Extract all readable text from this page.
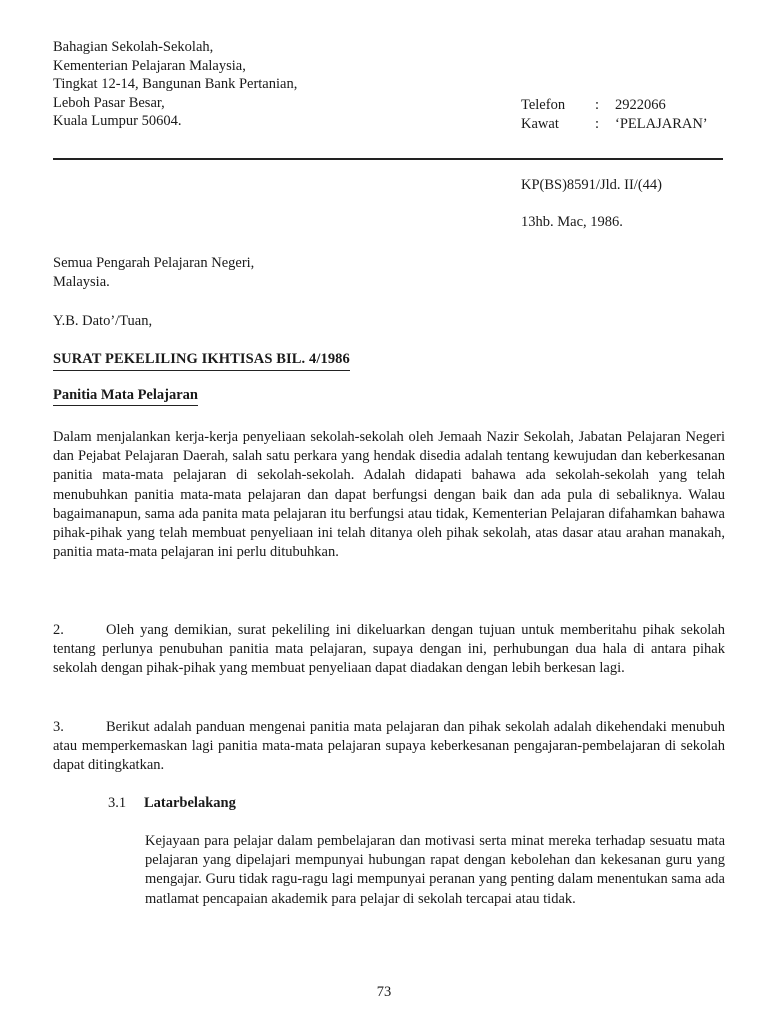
Bahagian Sekolah-Sekolah,
Kementerian Pelajaran Malaysia,
Tingkat 12-14, Bangunan Bank Pertanian,
Leboh Pasar Besar,
Kuala Lumpur 50604.
Telefon	:	2922066
Kawat	:	‘PELAJARAN’
KP(BS)8591/Jld. II/(44)
13hb. Mac, 1986.
Semua Pengarah Pelajaran Negeri,
Malaysia.
Y.B. Dato’/Tuan,
SURAT PEKELILING IKHTISAS BIL. 4/1986
Panitia Mata Pelajaran
Dalam menjalankan kerja-kerja penyeliaan sekolah-sekolah oleh Jemaah Nazir Sekolah, Jabatan Pelajaran Negeri dan Pejabat Pelajaran Daerah, salah satu perkara yang hendak disedia adalah tentang kewujudan dan keberkesanan panitia mata-mata pelajaran di sekolah-sekolah. Adalah didapati bahawa ada sekolah-sekolah yang telah menubuhkan panitia mata-mata pelajaran dan dapat berfungsi dengan baik dan ada pula di sebaliknya. Walau bagaimanapun, sama ada panita mata pelajaran itu berfungsi atau tidak, Kementerian Pelajaran difahamkan bahawa pihak-pihak yang telah membuat penyeliaan ini telah ditanya oleh pihak sekolah, atas dasar atau arahan manakah, panitia mata-mata pelajaran ini perlu ditubuhkan.
2.	Oleh yang demikian, surat pekeliling ini dikeluarkan dengan tujuan untuk memberitahu pihak sekolah tentang perlunya penubuhan panitia mata pelajaran, supaya dengan ini, perhubungan dua hala di antara pihak sekolah dengan pihak-pihak yang membuat penyeliaan dapat diadakan dengan lebih berkesan lagi.
3.	Berikut adalah panduan mengenai panitia mata pelajaran dan pihak sekolah adalah dikehendaki menubuh atau memperkemaskan lagi panitia mata-mata pelajaran supaya keberkesanan pengajaran-pembelajaran di sekolah dapat ditingkatkan.
3.1 Latarbelakang
Kejayaan para pelajar dalam pembelajaran dan motivasi serta minat mereka terhadap sesuatu mata pelajaran yang dipelajari mempunyai hubungan rapat dengan kebolehan dan kekesanan guru yang mengajar. Guru tidak ragu-ragu lagi mempunyai peranan yang penting dalam menentukan sama ada matlamat pencapaian akademik para pelajar di sekolah tercapai atau tidak.
73
